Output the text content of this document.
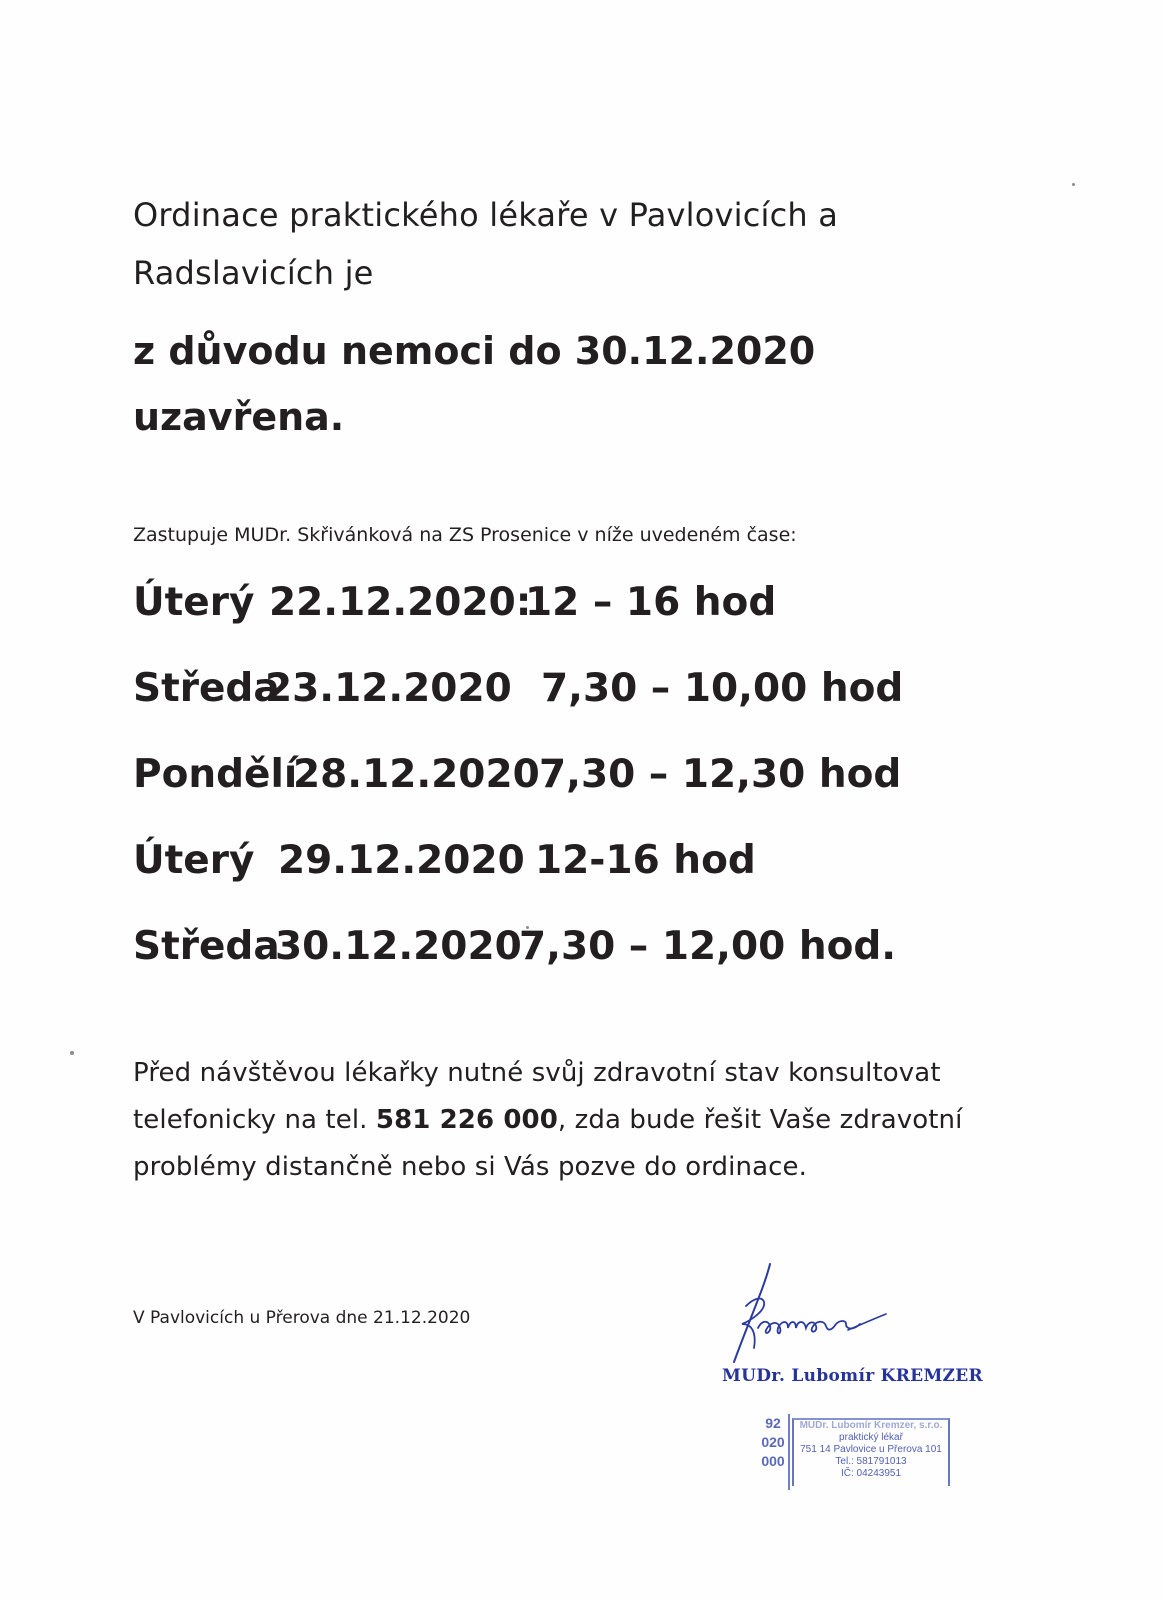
Ordinace praktického lékaře v Pavlovicích a
Radslavicích je
z důvodu nemoci do 30.12.2020
uzavřena.
Zastupuje MUDr. Skřivánková na ZS Prosenice v níže uvedeném čase:
Úterý 22.12.2020:
12 – 16 hod
Středa
23.12.2020 7,30 – 10,00 hod
Pondělí
28.12.2020 7,30 – 12,30 hod
Úterý 29.12.2020 12-16 hod
Středa
30.12.2020
7,30 – 12,00 hod.
Před návštěvou lékařky nutné svůj zdravotní stav konsultovat
telefonicky na tel. 581 226 000, zda bude řešit Vaše zdravotní
problémy distančně nebo si Vás pozve do ordinace.
V Pavlovicích u Přerova dne 21.12.2020
MUDr. Lubomír KREMZER
92
020
000
MUDr. Lubomír Kremzer, s.r.o.
praktický lékař
751 14 Pavlovice u Přerova 101
Tel.: 581791013
IČ: 04243951
